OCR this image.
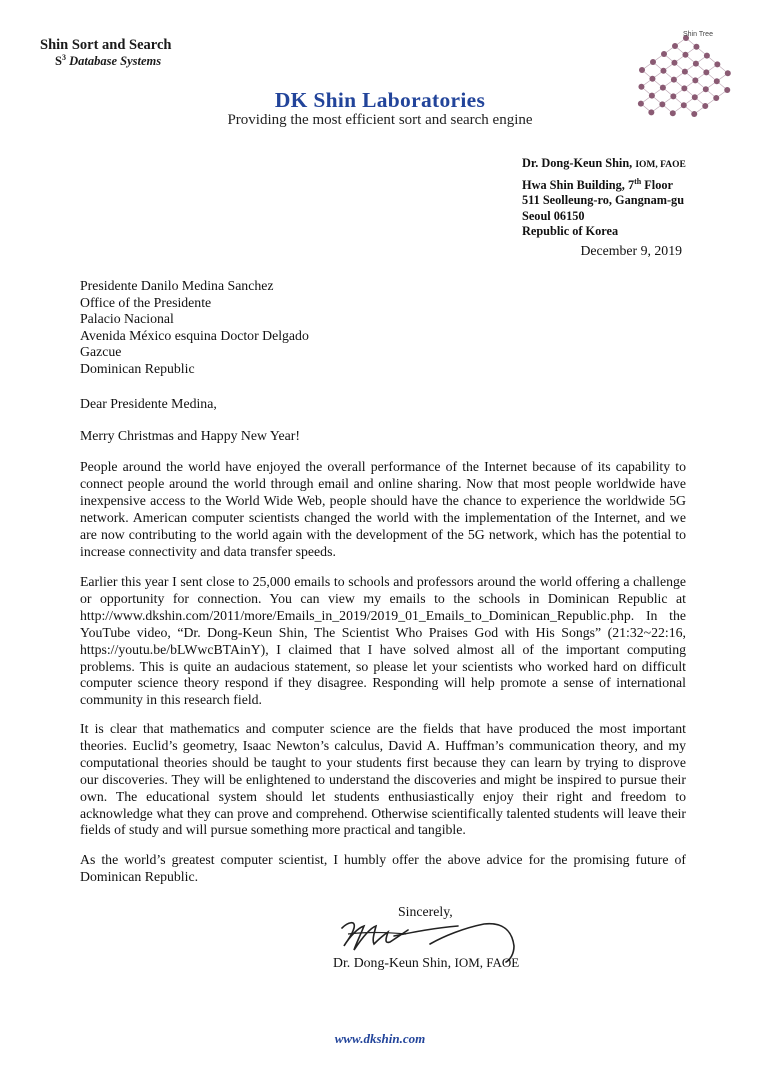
Shin Sort and Search
$S^3$ Database Systems
Shin Tree
DK Shin Laboratories
Providing the most efficient sort and search engine
Dr. Dong-Keun Shin, IOM, FAOE
Hwa Shin Building, 7th Floor
511 Seolleung-ro, Gangnam-gu
Seoul 06150
Republic of Korea
December 9, 2019
Presidente Danilo Medina Sanchez
Office of the Presidente
Palacio Nacional
Avenida México esquina Doctor Delgado
Gazcue
Dominican Republic
Dear Presidente Medina,
Merry Christmas and Happy New Year!
People around the world have enjoyed the overall performance of the Internet because of its capability to connect people around the world through email and online sharing. Now that most people worldwide have inexpensive access to the World Wide Web, people should have the chance to experience the worldwide 5G network. American computer scientists changed the world with the implementation of the Internet, and we are now contributing to the world again with the development of the 5G network, which has the potential to increase connectivity and data transfer speeds.
Earlier this year I sent close to 25,000 emails to schools and professors around the world offering a challenge or opportunity for connection. You can view my emails to the schools in Dominican Republic at http://www.dkshin.com/2011/more/Emails_in_2019/2019_01_Emails_to_Dominican_Republic.php. In the YouTube video, “Dr. Dong-Keun Shin, The Scientist Who Praises God with His Songs” (21:32~22:16, https://youtu.be/bLWwcBTAinY), I claimed that I have solved almost all of the important computing problems. This is quite an audacious statement, so please let your scientists who worked hard on difficult computer science theory respond if they disagree. Responding will help promote a sense of international community in this research field.
It is clear that mathematics and computer science are the fields that have produced the most important theories. Euclid’s geometry, Isaac Newton’s calculus, David A. Huffman’s communication theory, and my computational theories should be taught to your students first because they can learn by trying to disprove our discoveries. They will be enlightened to understand the discoveries and might be inspired to pursue their own. The educational system should let students enthusiastically enjoy their right and freedom to acknowledge what they can prove and comprehend. Otherwise scientifically talented students will leave their fields of study and will pursue something more practical and tangible.
As the world’s greatest computer scientist, I humbly offer the above advice for the promising future of Dominican Republic.
Sincerely,
Dr. Dong-Keun Shin, IOM, FAOE
www.dkshin.com
